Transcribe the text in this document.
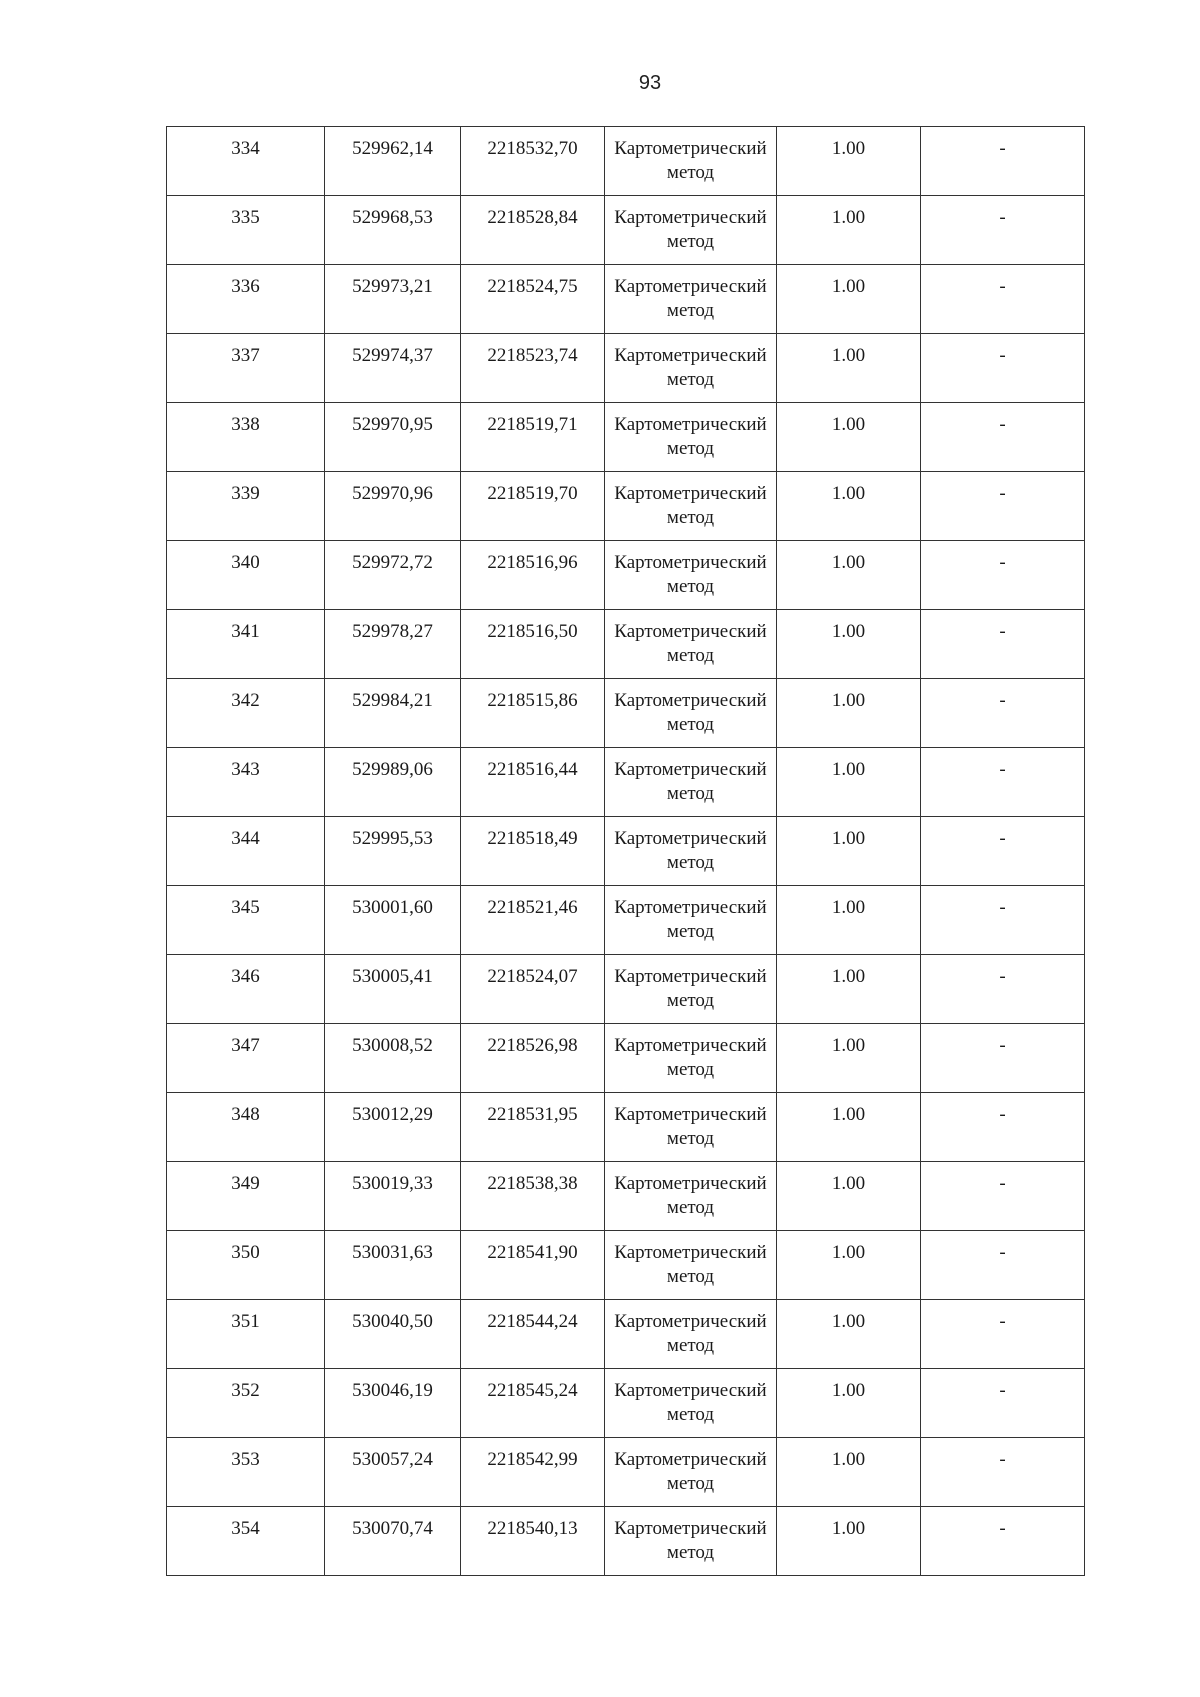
93
334	529962,14	2218532,70	Картометрический
метод	1.00	-

335	529968,53	2218528,84	Картометрический
метод	1.00	-

336	529973,21	2218524,75	Картометрический
метод	1.00	-

337	529974,37	2218523,74	Картометрический
метод	1.00	-

338	529970,95	2218519,71	Картометрический
метод	1.00	-

339	529970,96	2218519,70	Картометрический
метод	1.00	-

340	529972,72	2218516,96	Картометрический
метод	1.00	-

341	529978,27	2218516,50	Картометрический
метод	1.00	-

342	529984,21	2218515,86	Картометрический
метод	1.00	-

343	529989,06	2218516,44	Картометрический
метод	1.00	-

344	529995,53	2218518,49	Картометрический
метод	1.00	-

345	530001,60	2218521,46	Картометрический
метод	1.00	-

346	530005,41	2218524,07	Картометрический
метод	1.00	-

347	530008,52	2218526,98	Картометрический
метод	1.00	-

348	530012,29	2218531,95	Картометрический
метод	1.00	-

349	530019,33	2218538,38	Картометрический
метод	1.00	-

350	530031,63	2218541,90	Картометрический
метод	1.00	-

351	530040,50	2218544,24	Картометрический
метод	1.00	-

352	530046,19	2218545,24	Картометрический
метод	1.00	-

353	530057,24	2218542,99	Картометрический
метод	1.00	-

354	530070,74	2218540,13	Картометрический
метод	1.00	-
